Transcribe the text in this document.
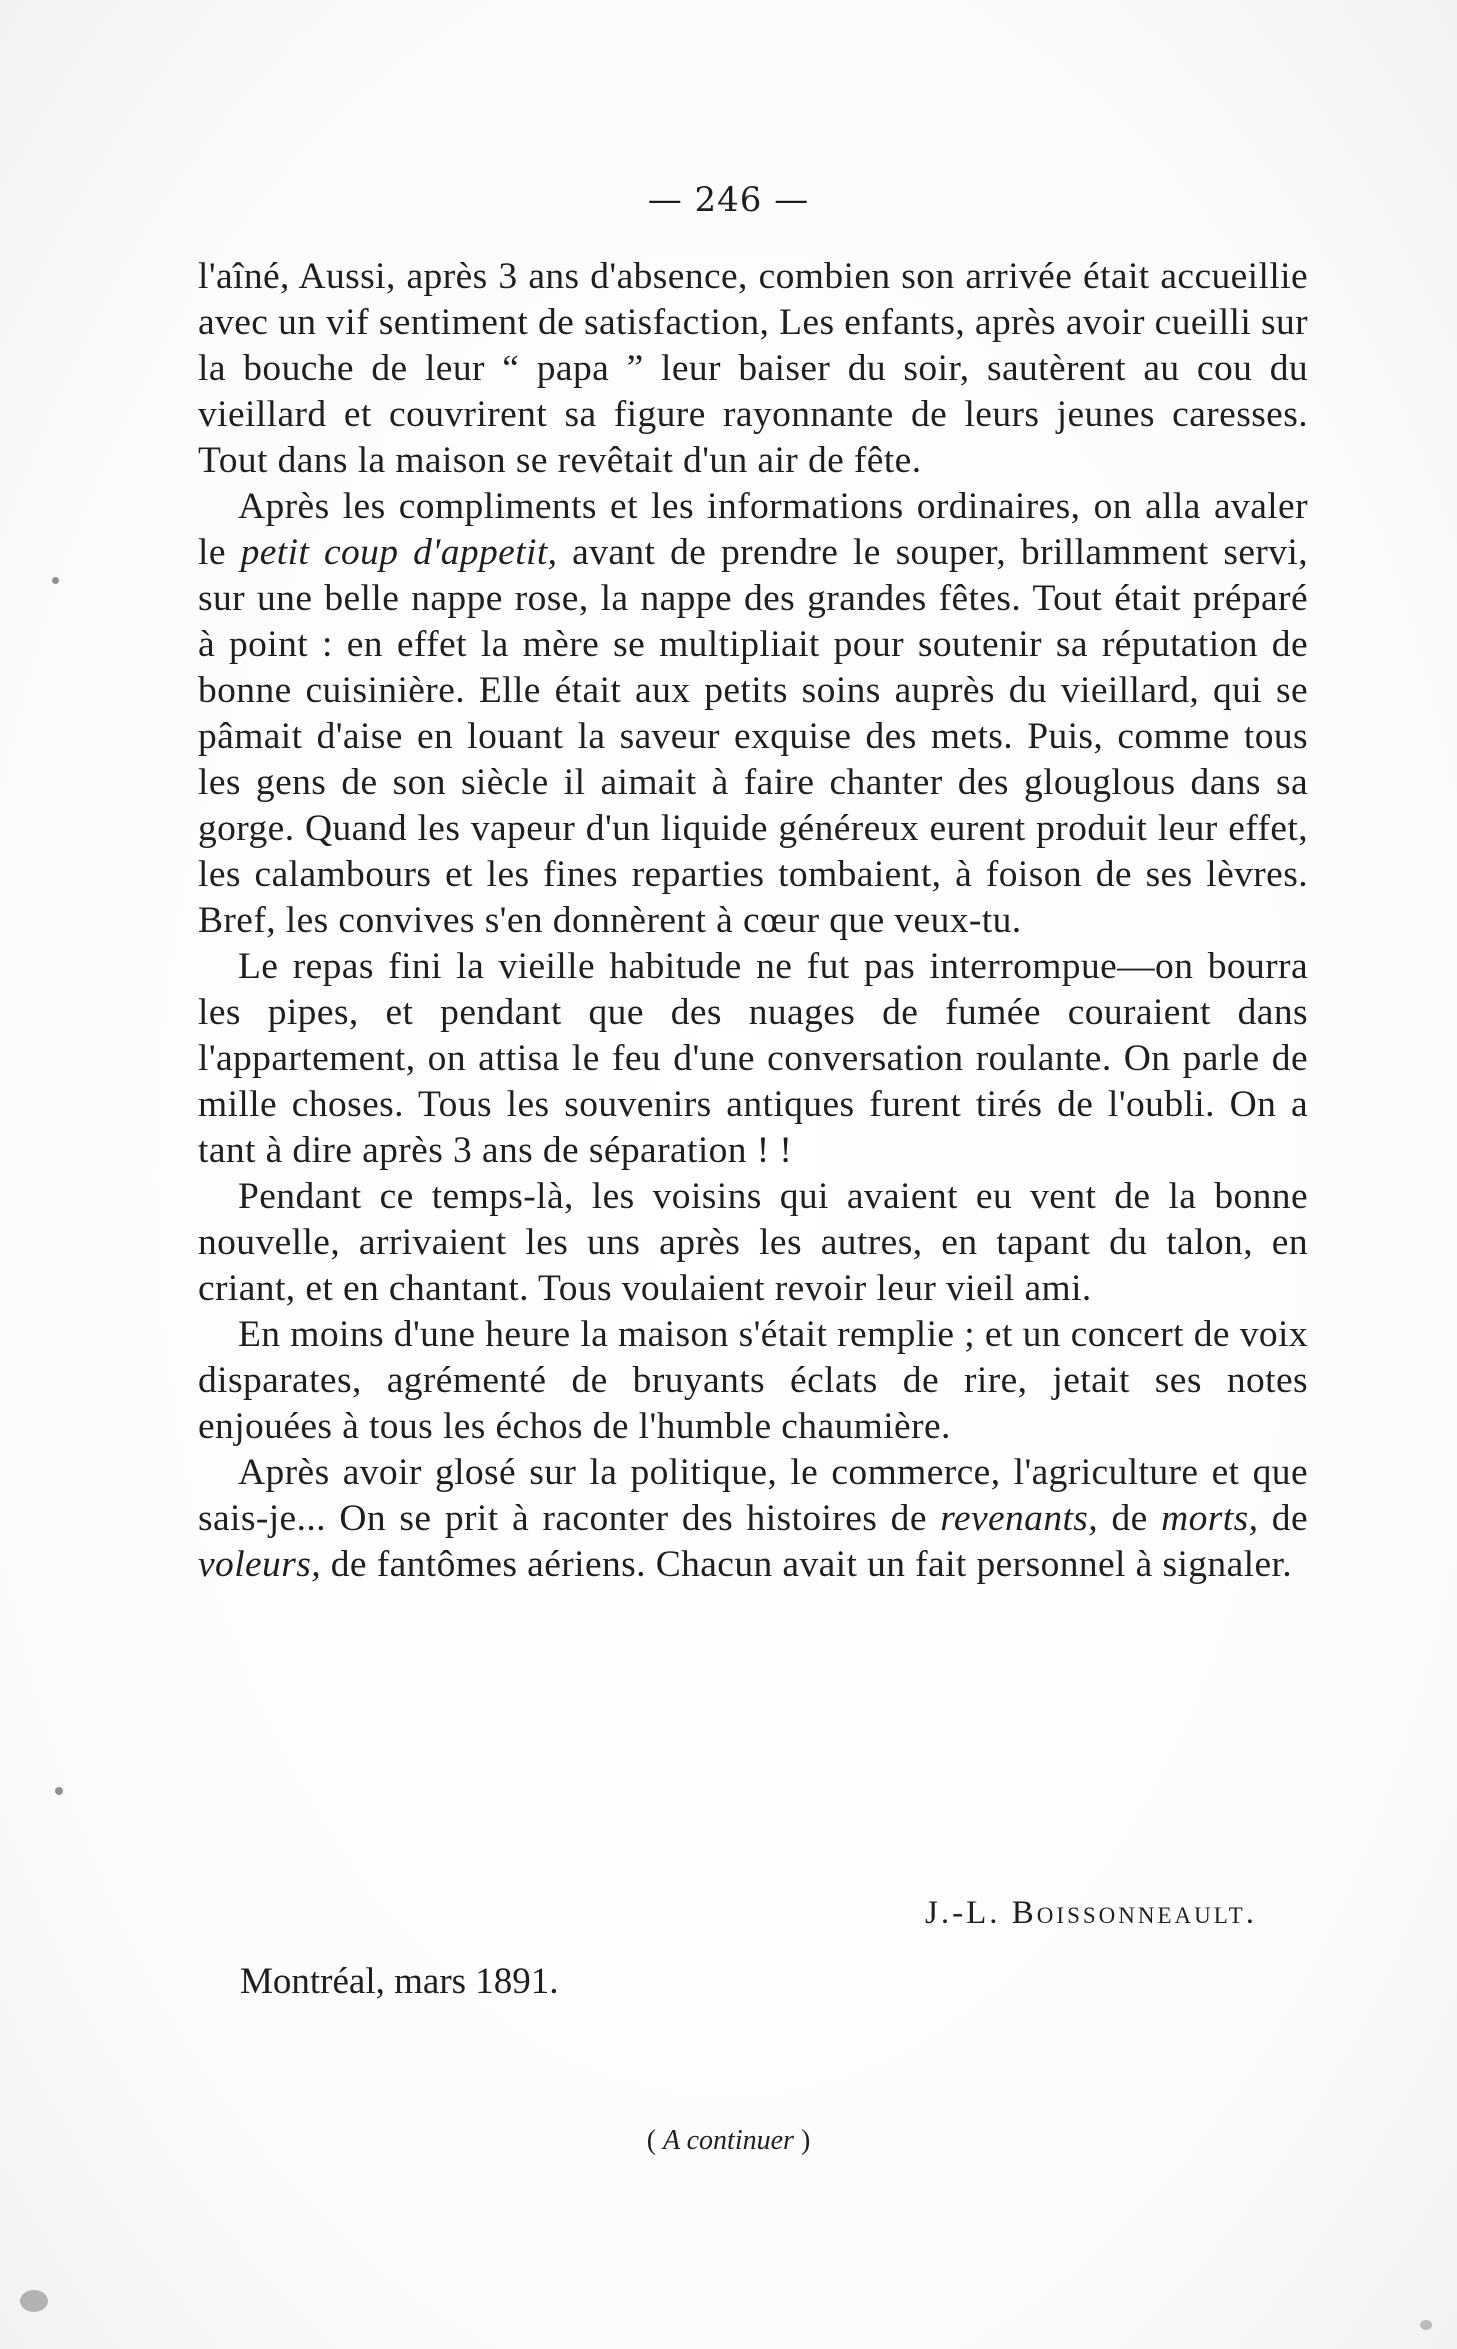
— 246 —

l'aîné, Aussi, après 3 ans d'absence, combien son arrivée était accueillie avec un vif sentiment de satisfaction, Les enfants, après avoir cueilli sur la bouche de leur “ papa ” leur baiser du soir, sautèrent au cou du vieillard et couvrirent sa figure rayonnante de leurs jeunes caresses. Tout dans la maison se revêtait d'un air de fête.

Après les compliments et les informations ordinaires, on alla avaler le petit coup d'appetit, avant de prendre le souper, brillamment servi, sur une belle nappe rose, la nappe des grandes fêtes. Tout était préparé à point : en effet la mère se multipliait pour soutenir sa réputation de bonne cuisinière. Elle était aux petits soins auprès du vieillard, qui se pâmait d'aise en louant la saveur exquise des mets. Puis, comme tous les gens de son siècle il aimait à faire chanter des glouglous dans sa gorge. Quand les vapeur d'un liquide généreux eurent produit leur effet, les calambours et les fines reparties tombaient, à foison de ses lèvres. Bref, les convives s'en donnèrent à cœur que veux-tu.

Le repas fini la vieille habitude ne fut pas interrompue—on bourra les pipes, et pendant que des nuages de fumée couraient dans l'appartement, on attisa le feu d'une conversation roulante. On parle de mille choses. Tous les souvenirs antiques furent tirés de l'oubli. On a tant à dire après 3 ans de séparation ! !

Pendant ce temps-là, les voisins qui avaient eu vent de la bonne nouvelle, arrivaient les uns après les autres, en tapant du talon, en criant, et en chantant. Tous voulaient revoir leur vieil ami.

En moins d'une heure la maison s'était remplie ; et un concert de voix disparates, agrémenté de bruyants éclats de rire, jetait ses notes enjouées à tous les échos de l'humble chaumière.

Après avoir glosé sur la politique, le commerce, l'agriculture et que sais-je... On se prit à raconter des histoires de revenants, de morts, de voleurs, de fantômes aériens. Chacun avait un fait personnel à signaler.

J.-L. Boissonneault.
Montréal, mars 1891.
( A continuer )
